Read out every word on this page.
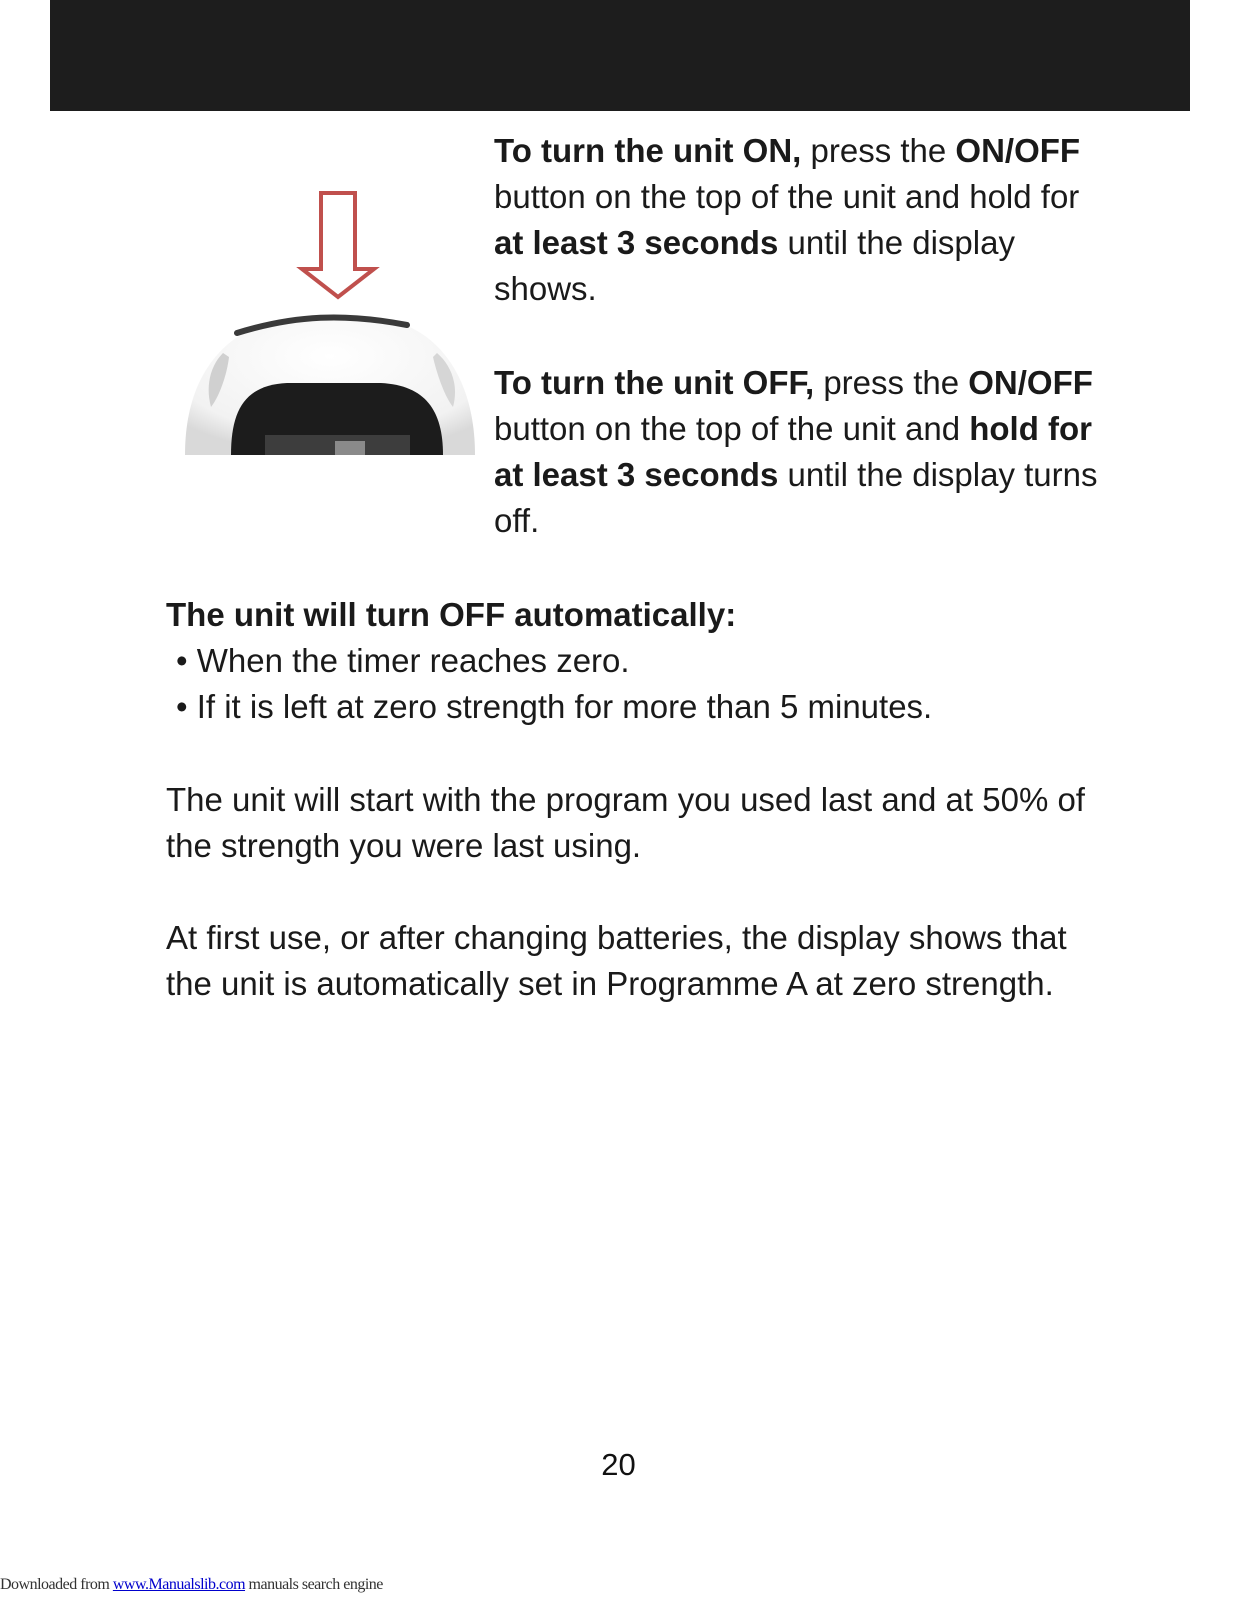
To turn the unit ON, press the ON/OFF button on the top of the unit and hold for at least 3 seconds until the display shows.

To turn the unit OFF, press the ON/OFF button on the top of the unit and hold for at least 3 seconds until the display turns off.

The unit will turn OFF automatically:

• When the timer reaches zero.

• If it is left at zero strength for more than 5 minutes.

The unit will start with the program you used last and at 50% of the strength you were last using.

At first use, or after changing batteries, the display shows that the unit is automatically set in Programme A at zero strength.

20
Downloaded from www.Manualslib.com manuals search engine
